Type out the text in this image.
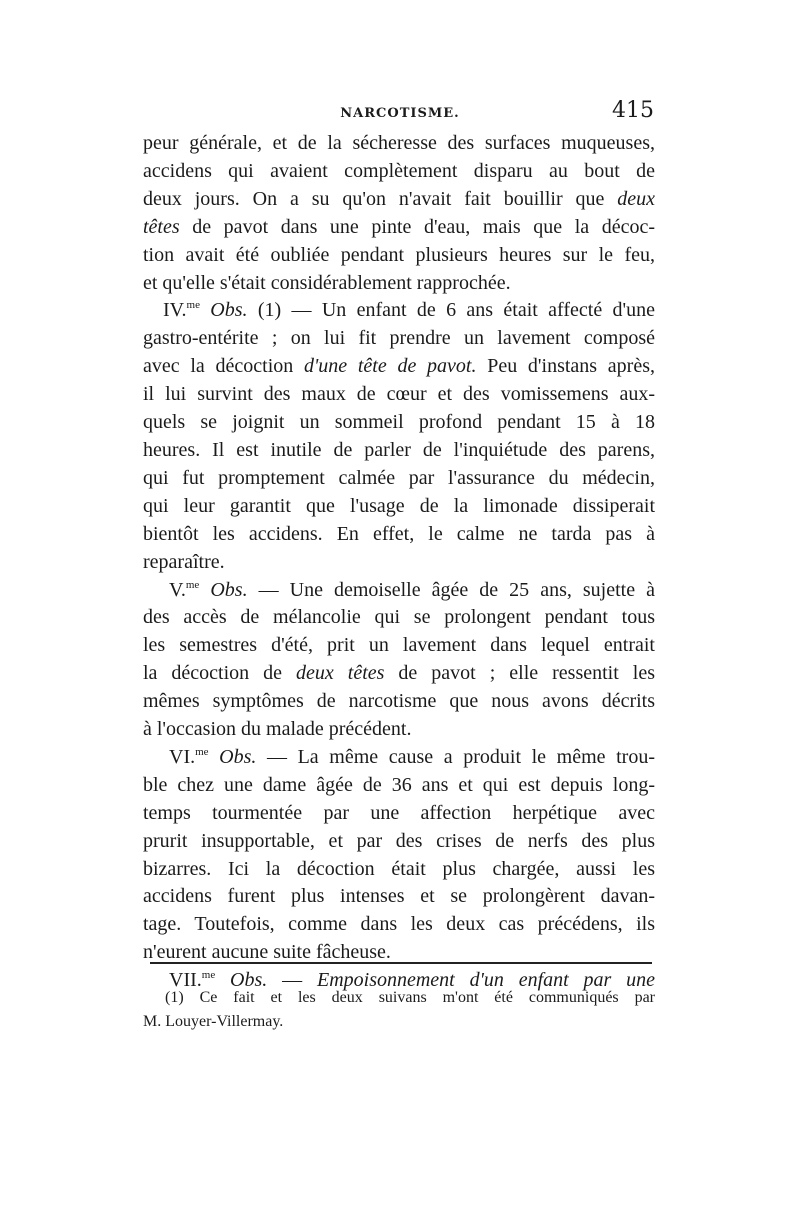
NARCOTISME.	415
peur générale, et de la sécheresse des surfaces muqueuses,
accidens qui avaient complètement disparu au bout de
deux jours. On a su qu'on n'avait fait bouillir que deux
têtes de pavot dans une pinte d'eau, mais que la décoc-
tion avait été oubliée pendant plusieurs heures sur le feu,
et qu'elle s'était considérablement rapprochée.
IV.$^{me}$ Obs. (1) — Un enfant de 6 ans était affecté d'une
gastro-entérite ; on lui fit prendre un lavement composé
avec la décoction d'une tête de pavot. Peu d'instans après,
il lui survint des maux de cœur et des vomissemens aux-
quels se joignit un sommeil profond pendant 15 à 18
heures. Il est inutile de parler de l'inquiétude des parens,
qui fut promptement calmée par l'assurance du médecin,
qui leur garantit que l'usage de la limonade dissiperait
bientôt les accidens. En effet, le calme ne tarda pas à
reparaître.
V.$^{me}$ Obs. — Une demoiselle âgée de 25 ans, sujette à
des accès de mélancolie qui se prolongent pendant tous
les semestres d'été, prit un lavement dans lequel entrait
la décoction de deux têtes de pavot ; elle ressentit les
mêmes symptômes de narcotisme que nous avons décrits
à l'occasion du malade précédent.
VI.$^{me}$ Obs. — La même cause a produit le même trou-
ble chez une dame âgée de 36 ans et qui est depuis long-
temps tourmentée par une affection herpétique avec
prurit insupportable, et par des crises de nerfs des plus
bizarres. Ici la décoction était plus chargée, aussi les
accidens furent plus intenses et se prolongèrent davan-
tage. Toutefois, comme dans les deux cas précédens, ils
n'eurent aucune suite fâcheuse.
VII.$^{me}$ Obs. — Empoisonnement d'un enfant par une
(1) Ce fait et les deux suivans m'ont été communiqués par
M. Louyer-Villermay.
